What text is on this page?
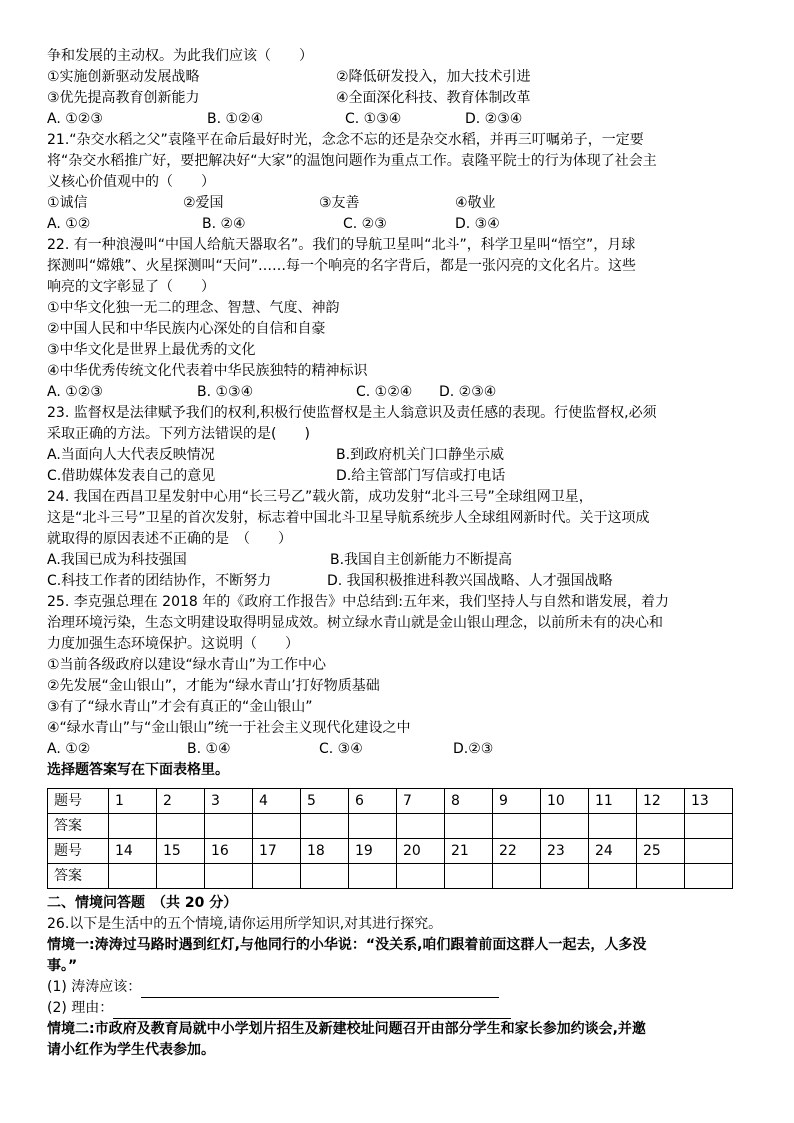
争和发展的主动权。为此我们应该（　　）

①实施创新驱动发展战略	②降低研发投入，加大技术引进
③优先提高教育创新能力	④全面深化科技、教育体制改革
A. ①②③	B. ①②④	C. ①③④	D. ②③④

21.“杂交水稻之父”袁隆平在命后最好时光，念念不忘的还是杂交水稻，并再三叮嘱弟子，一定要

将“杂交水稻推广好，要把解决好“大家”的温饱问题作为重点工作。袁隆平院士的行为体现了社会主

义核心价值观中的（　　）

①诚信	②爱国	③友善	④敬业
A. ①②	B. ②④	C. ②③	D. ③④

22. 有一种浪漫叫“中国人给航天器取名”。我们的导航卫星叫“北斗”，科学卫星叫“悟空”，月球

探测叫“嫦娥”、火星探测叫“天问”……每一个响亮的名字背后，都是一张闪亮的文化名片。这些

响亮的文字彰显了（　　）

①中华文化独一无二的理念、智慧、气度、神韵

②中国人民和中华民族内心深处的自信和自豪

③中华文化是世界上最优秀的文化

④中华优秀传统文化代表着中华民族独特的精神标识

A. ①②③	B. ①③④	C. ①②④ D. ②③④

23. 监督权是法律赋予我们的权利,积极行使监督权是主人翁意识及责任感的表现。行使监督权,必须

采取正确的方法。下列方法错误的是(　　)

A.当面向人大代表反映情况	B.到政府机关门口静坐示威
C.借助媒体发表自己的意见	D.给主管部门写信或打电话

24. 我国在西昌卫星发射中心用“长三号乙”载火箭，成功发射“北斗三号”全球组网卫星，

这是“北斗三号”卫星的首次发射，标志着中国北斗卫星导航系统步人全球组网新时代。关于这项成

就取得的原因表述不正确的是　（　　）

A.我国已成为科技强国	B.我国自主创新能力不断提高
C.科技工作者的团结协作，不断努力	D. 我国积极推进科教兴国战略、人才强国战略

25. 李克强总理在 2018 年的《政府工作报告》中总结到:五年来，我们坚持人与自然和谐发展，着力

治理环境污染，生态文明建设取得明显成效。树立绿水青山就是金山银山理念，以前所未有的决心和

力度加强生态环境保护。这说明（　　）

①当前各级政府以建设“绿水青山”为工作中心

②先发展“金山银山”，才能为“绿水青山’打好物质基础

③有了“绿水青山”才会有真正的“金山银山”

④“绿水青山”与“金山银山”统一于社会主义现代化建设之中

A. ①②	B. ①④	C. ③④	D.②③

选择题答案写在下面表格里。

题号	1	2	3	4	5	6	7	8	9	10	11	12	13
答案													
题号	14	15	16	17	18	19	20	21	22	23	24	25	
答案													
二、情境问答题　（共 20 分）

26.以下是生活中的五个情境,请你运用所学知识,对其进行探究。

情境一:涛涛过马路时遇到红灯,与他同行的小华说：“没关系,咱们跟着前面这群人一起去，人多没

事。”

(1) 涛涛应该：
(2) 理由：

情境二:市政府及教育局就中小学划片招生及新建校址问题召开由部分学生和家长参加约谈会,并邀

请小红作为学生代表参加。
